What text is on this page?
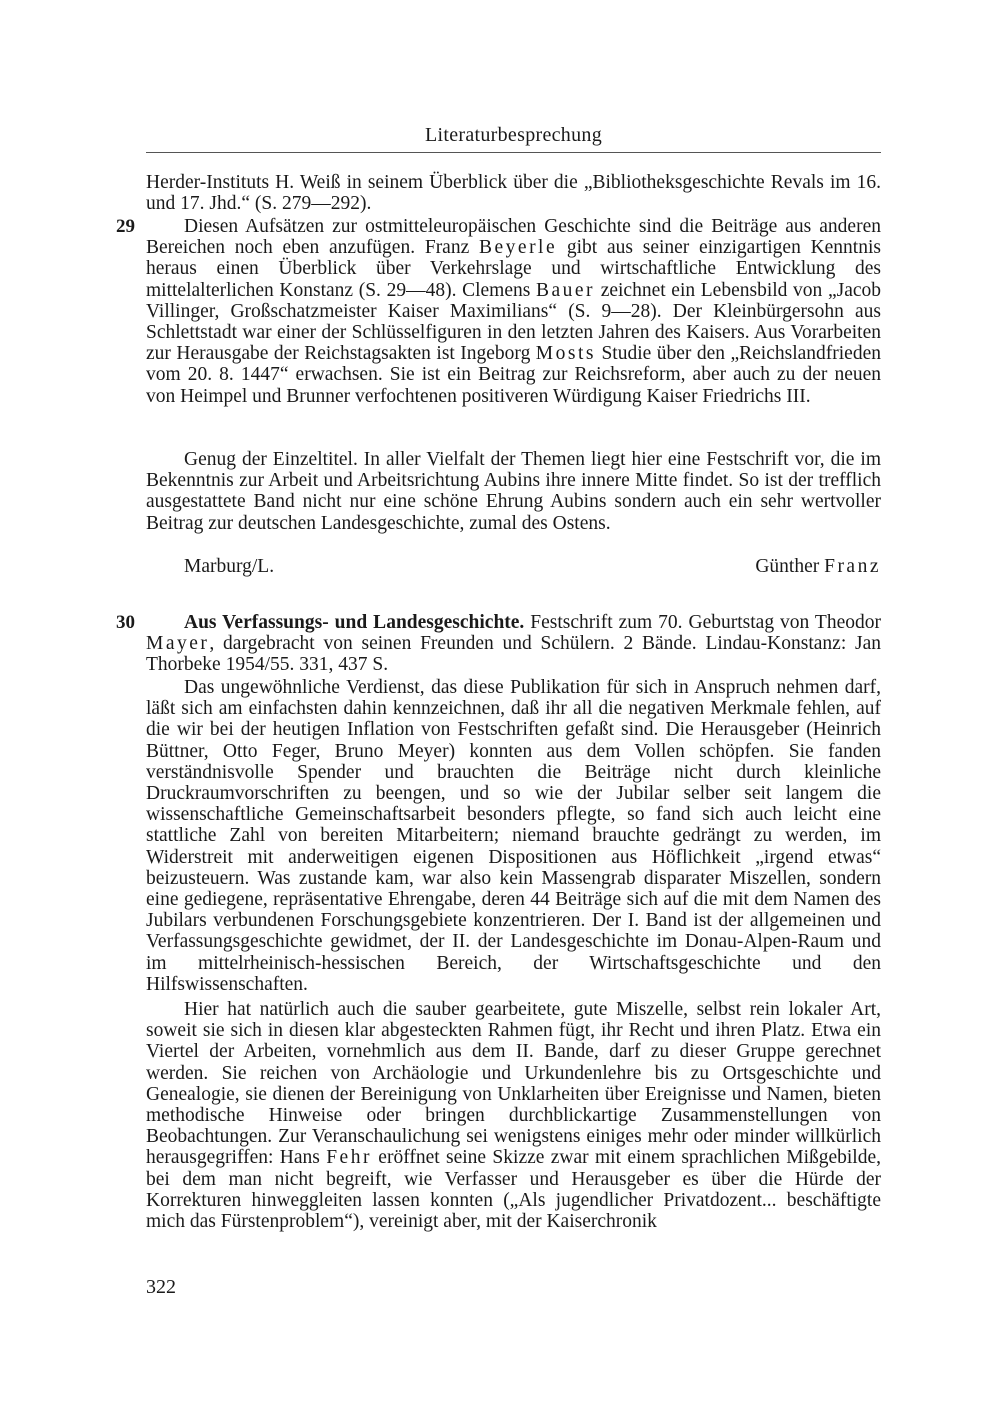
Literaturbesprechung

Herder-Instituts H. Weiß in seinem Überblick über die „Bibliotheksgeschichte Revals im 16. und 17. Jhd.“ (S. 279—292).

29	Diesen Aufsätzen zur ostmitteleuropäischen Geschichte sind die Beiträge aus anderen Bereichen noch eben anzufügen. Franz Beyerle gibt aus seiner einzigartigen Kenntnis heraus einen Überblick über Verkehrslage und wirtschaftliche Entwicklung des mittelalterlichen Konstanz (S. 29—48). Clemens Bauer zeichnet ein Lebensbild von „Jacob Villinger, Großschatzmeister Kaiser Maximilians“ (S. 9—28). Der Kleinbürgersohn aus Schlettstadt war einer der Schlüsselfiguren in den letzten Jahren des Kaisers. Aus Vorarbeiten zur Herausgabe der Reichstagsakten ist Ingeborg Mosts Studie über den „Reichslandfrieden vom 20. 8. 1447“ erwachsen. Sie ist ein Beitrag zur Reichsreform, aber auch zu der neuen von Heimpel und Brunner verfochtenen positiveren Würdigung Kaiser Friedrichs III.

Genug der Einzeltitel. In aller Vielfalt der Themen liegt hier eine Festschrift vor, die im Bekenntnis zur Arbeit und Arbeitsrichtung Aubins ihre innere Mitte findet. So ist der trefflich ausgestattete Band nicht nur eine schöne Ehrung Aubins sondern auch ein sehr wertvoller Beitrag zur deutschen Landesgeschichte, zumal des Ostens.

Marburg/L.	Günther Franz
30	Aus Verfassungs- und Landesgeschichte. Festschrift zum 70. Geburtstag von Theodor Mayer, dargebracht von seinen Freunden und Schülern. 2 Bände. Lindau-Konstanz: Jan Thorbeke 1954/55. 331, 437 S.

Das ungewöhnliche Verdienst, das diese Publikation für sich in Anspruch nehmen darf, läßt sich am einfachsten dahin kennzeichnen, daß ihr all die negativen Merkmale fehlen, auf die wir bei der heutigen Inflation von Festschriften gefaßt sind. Die Herausgeber (Heinrich Büttner, Otto Feger, Bruno Meyer) konnten aus dem Vollen schöpfen. Sie fanden verständnisvolle Spender und brauchten die Beiträge nicht durch kleinliche Druckraumvorschriften zu beengen, und so wie der Jubilar selber seit langem die wissenschaftliche Gemeinschaftsarbeit besonders pflegte, so fand sich auch leicht eine stattliche Zahl von bereiten Mitarbeitern; niemand brauchte gedrängt zu werden, im Widerstreit mit anderweitigen eigenen Dispositionen aus Höflichkeit „irgend etwas“ beizusteuern. Was zustande kam, war also kein Massengrab disparater Miszellen, sondern eine gediegene, repräsentative Ehrengabe, deren 44 Beiträge sich auf die mit dem Namen des Jubilars verbundenen Forschungsgebiete konzentrieren. Der I. Band ist der allgemeinen und Verfassungsgeschichte gewidmet, der II. der Landesgeschichte im Donau-Alpen-Raum und im mittelrheinisch-hessischen Bereich, der Wirtschaftsgeschichte und den Hilfswissenschaften.

Hier hat natürlich auch die sauber gearbeitete, gute Miszelle, selbst rein lokaler Art, soweit sie sich in diesen klar abgesteckten Rahmen fügt, ihr Recht und ihren Platz. Etwa ein Viertel der Arbeiten, vornehmlich aus dem II. Bande, darf zu dieser Gruppe gerechnet werden. Sie reichen von Archäologie und Urkundenlehre bis zu Ortsgeschichte und Genealogie, sie dienen der Bereinigung von Unklarheiten über Ereignisse und Namen, bieten methodische Hinweise oder bringen durchblickartige Zusammenstellungen von Beobachtungen. Zur Veranschaulichung sei wenigstens einiges mehr oder minder willkürlich herausgegriffen: Hans Fehr eröffnet seine Skizze zwar mit einem sprachlichen Mißgebilde, bei dem man nicht begreift, wie Verfasser und Herausgeber es über die Hürde der Korrekturen hinweggleiten lassen konnten („Als jugendlicher Privatdozent... beschäftigte mich das Fürstenproblem“), vereinigt aber, mit der Kaiserchronik

322
